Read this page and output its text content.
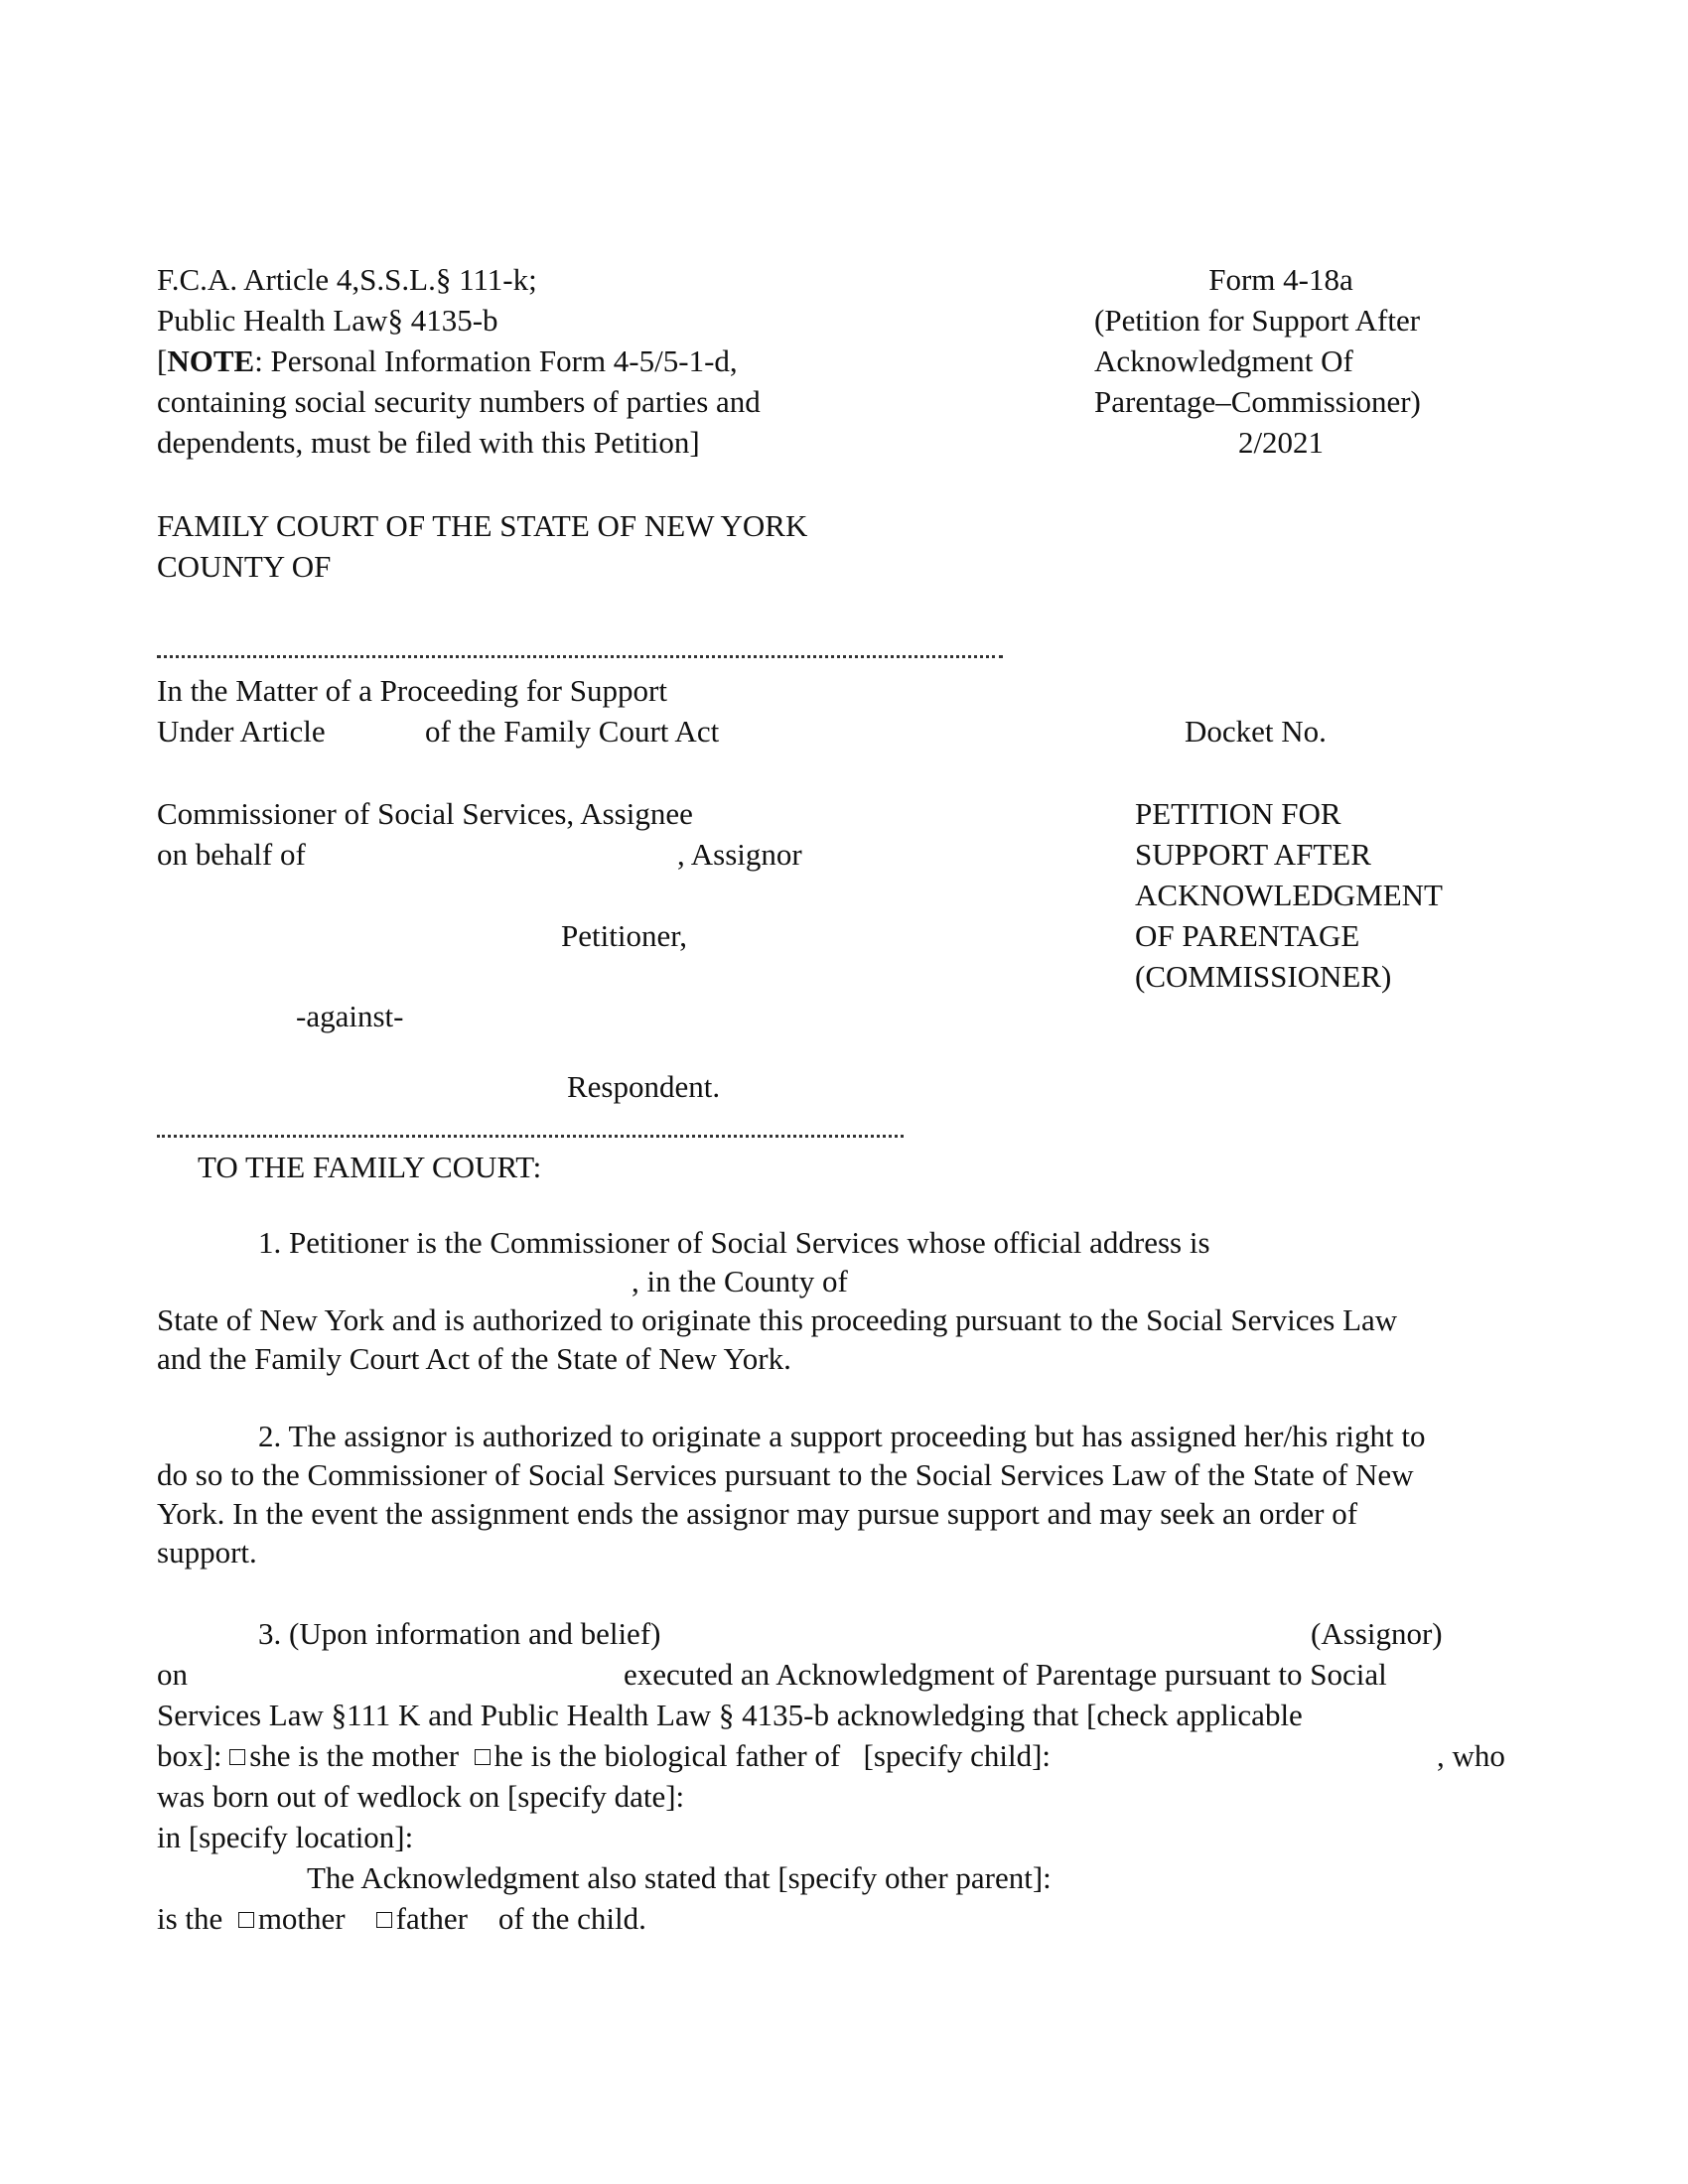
F.C.A. Article 4,S.S.L.§ 111-k;

Public Health Law§ 4135-b

[NOTE: Personal Information Form 4-5/5-1-d,

containing social security numbers of parties and

dependents, must be filed with this Petition]

Form 4-18a

(Petition for Support After

Acknowledgment Of

Parentage–Commissioner)

2/2021

FAMILY COURT OF THE STATE OF NEW YORK

COUNTY OF

In the Matter of a Proceeding for Support

Under Article	of the Family Court Act	Docket No.

Commissioner of Social Services, Assignee

on behalf of	, Assignor

Petitioner,

-against-

Respondent.

PETITION FOR

SUPPORT AFTER

ACKNOWLEDGMENT

OF PARENTAGE

(COMMISSIONER)

TO THE FAMILY COURT:

1. Petitioner is the Commissioner of Social Services whose official address is

, in the County of

State of New York and is authorized to originate this proceeding pursuant to the Social Services Law

and the Family Court Act of the State of New York.

2. The assignor is authorized to originate a support proceeding but has assigned her/his right to

do so to the Commissioner of Social Services pursuant to the Social Services Law of the State of New

York. In the event the assignment ends the assignor may pursue support and may seek an order of

support.

3. (Upon information and belief)	(Assignor)

on	executed an Acknowledgment of Parentage pursuant to Social

Services Law §111 K and Public Health Law § 4135-b acknowledging that [check applicable

box]: she is the mother he is the biological father of [specify child]:	, who

was born out of wedlock on [specify date]:

in [specify location]:

The Acknowledgment also stated that [specify other parent]:

is the mother father of the child.
